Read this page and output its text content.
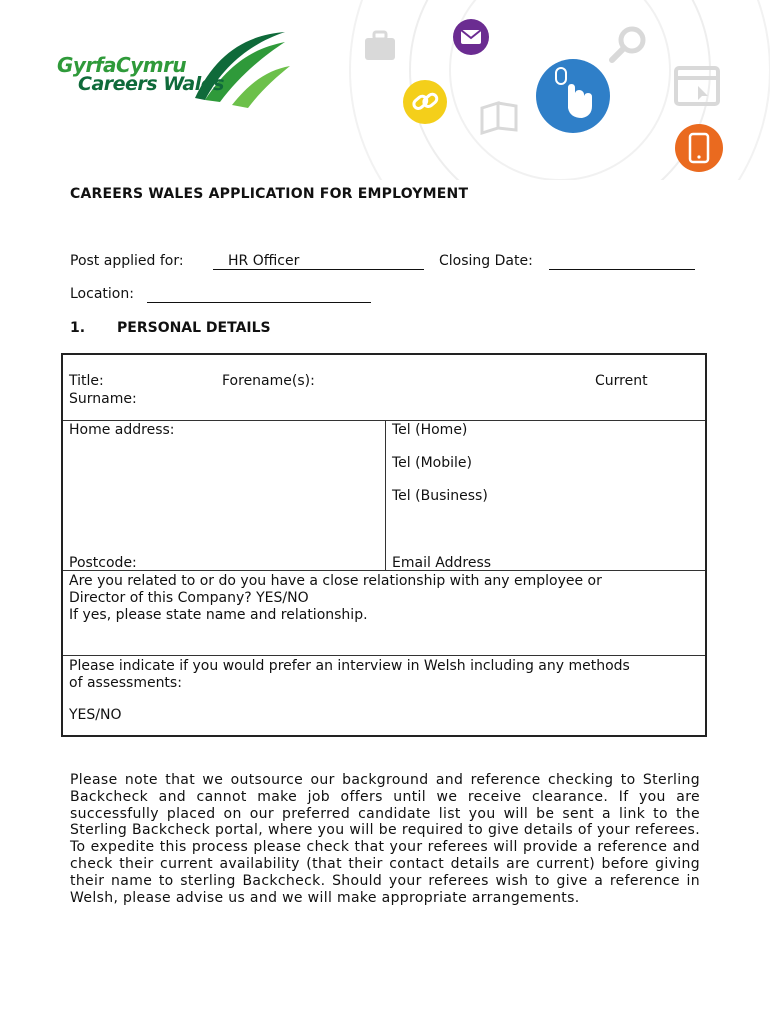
GyrfaCymru
Careers Wales
CAREERS WALES APPLICATION FOR EMPLOYMENT
Post applied for:	HR Officer	Closing Date:
Location:
1. PERSONAL DETAILS
Title:	Forename(s):	Current
Surname:
Home address:	Tel (Home)
Tel (Mobile)
Tel (Business)
Postcode:	Email Address
Are you related to or do you have a close relationship with any employee or
Director of this Company? YES/NO
If yes, please state name and relationship.
Please indicate if you would prefer an interview in Welsh including any methods
of assessments:
YES/NO
Please note that we outsource our background and reference checking to Sterling Backcheck and cannot make job offers until we receive clearance. If you are successfully placed on our preferred candidate list you will be sent a link to the Sterling Backcheck portal, where you will be required to give details of your referees. To expedite this process please check that your referees will provide a reference and check their current availability (that their contact details are current) before giving their name to sterling Backcheck. Should your referees wish to give a reference in Welsh, please advise us and we will make appropriate arrangements.
